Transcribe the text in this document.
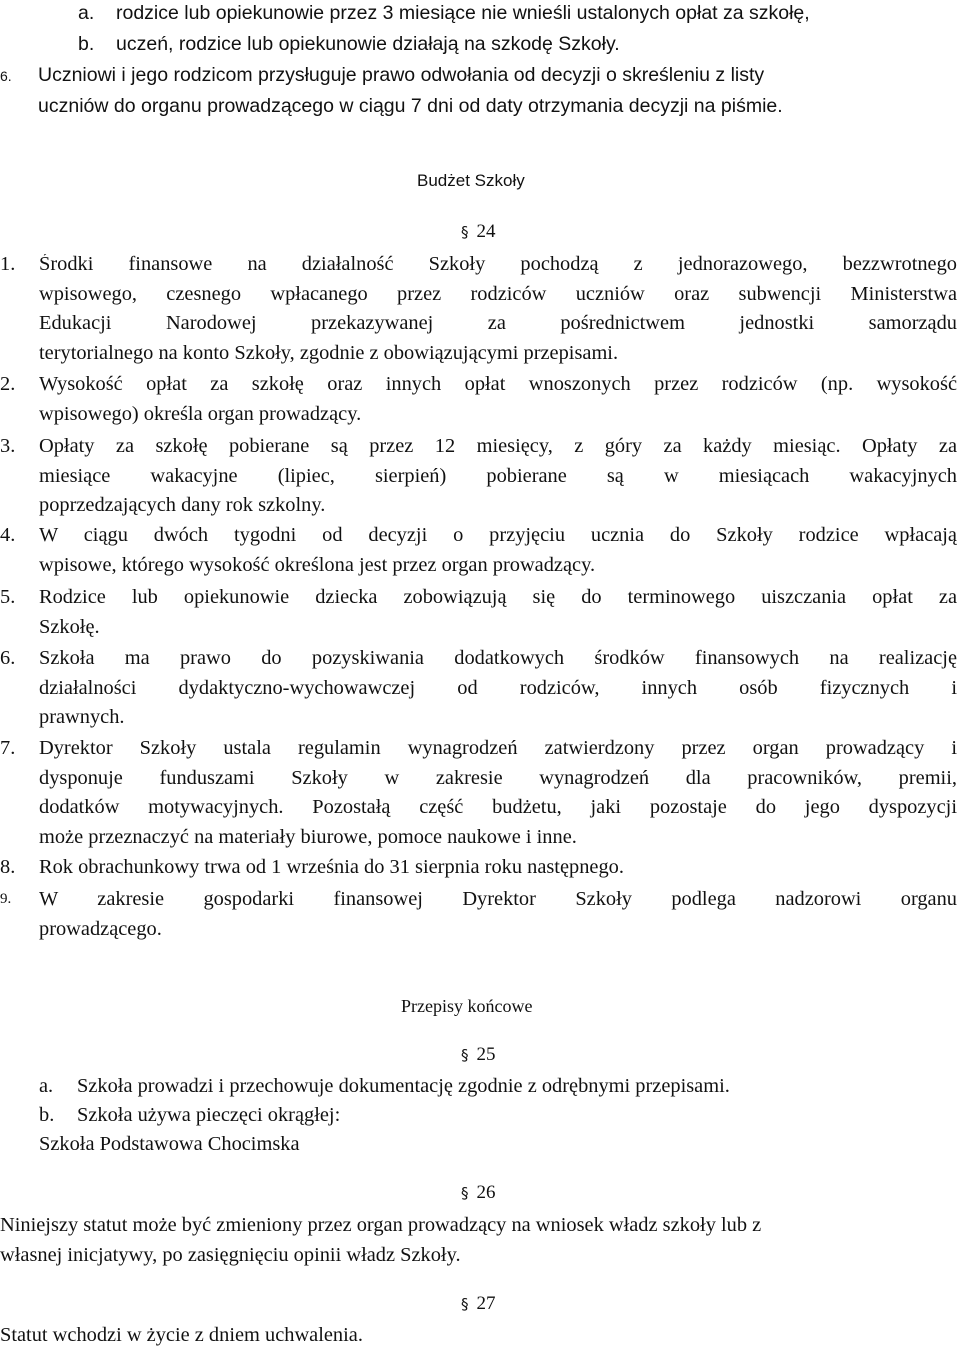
a. rodzice lub opiekunowie przez 3 miesiące nie wnieśli ustalonych opłat za szkołę,
b. uczeń, rodzice lub opiekunowie działają na szkodę Szkoły.
6. Uczniowi i jego rodzicom przysługuje prawo odwołania od decyzji o skreśleniu z listy
uczniów do organu prowadzącego w ciągu 7 dni od daty otrzymania decyzji na piśmie.
Budżet Szkoły
§ 24
1. Środki finansowe na działalność Szkoły pochodzą z jednorazowego, bezzwrotnego
wpisowego, czesnego wpłacanego przez rodziców uczniów oraz subwencji Ministerstwa
Edukacji Narodowej przekazywanej za pośrednictwem jednostki samorządu
terytorialnego na konto Szkoły, zgodnie z obowiązującymi przepisami.
2. Wysokość opłat za szkołę oraz innych opłat wnoszonych przez rodziców (np. wysokość
wpisowego) określa organ prowadzący.
3. Opłaty za szkołę pobierane są przez 12 miesięcy, z góry za każdy miesiąc. Opłaty za
miesiące wakacyjne (lipiec, sierpień) pobierane są w miesiącach wakacyjnych
poprzedzających dany rok szkolny.
4. W ciągu dwóch tygodni od decyzji o przyjęciu ucznia do Szkoły rodzice wpłacają
wpisowe, którego wysokość określona jest przez organ prowadzący.
5. Rodzice lub opiekunowie dziecka zobowiązują się do terminowego uiszczania opłat za
Szkołę.
6. Szkoła ma prawo do pozyskiwania dodatkowych środków finansowych na realizację
działalności dydaktyczno-wychowawczej od rodziców, innych osób fizycznych i
prawnych.
7. Dyrektor Szkoły ustala regulamin wynagrodzeń zatwierdzony przez organ prowadzący i
dysponuje funduszami Szkoły w zakresie wynagrodzeń dla pracowników, premii,
dodatków motywacyjnych. Pozostałą część budżetu, jaki pozostaje do jego dyspozycji
może przeznaczyć na materiały biurowe, pomoce naukowe i inne.
8. Rok obrachunkowy trwa od 1 września do 31 sierpnia roku następnego.
9. W zakresie gospodarki finansowej Dyrektor Szkoły podlega nadzorowi organu
prowadzącego.
Przepisy końcowe
§ 25
a. Szkoła prowadzi i przechowuje dokumentację zgodnie z odrębnymi przepisami.
b. Szkoła używa pieczęci okrągłej:
Szkoła Podstawowa Chocimska
§ 26
Niniejszy statut może być zmieniony przez organ prowadzący na wniosek władz szkoły lub z
własnej inicjatywy, po zasięgnięciu opinii władz Szkoły.
§ 27
Statut wchodzi w życie z dniem uchwalenia.
